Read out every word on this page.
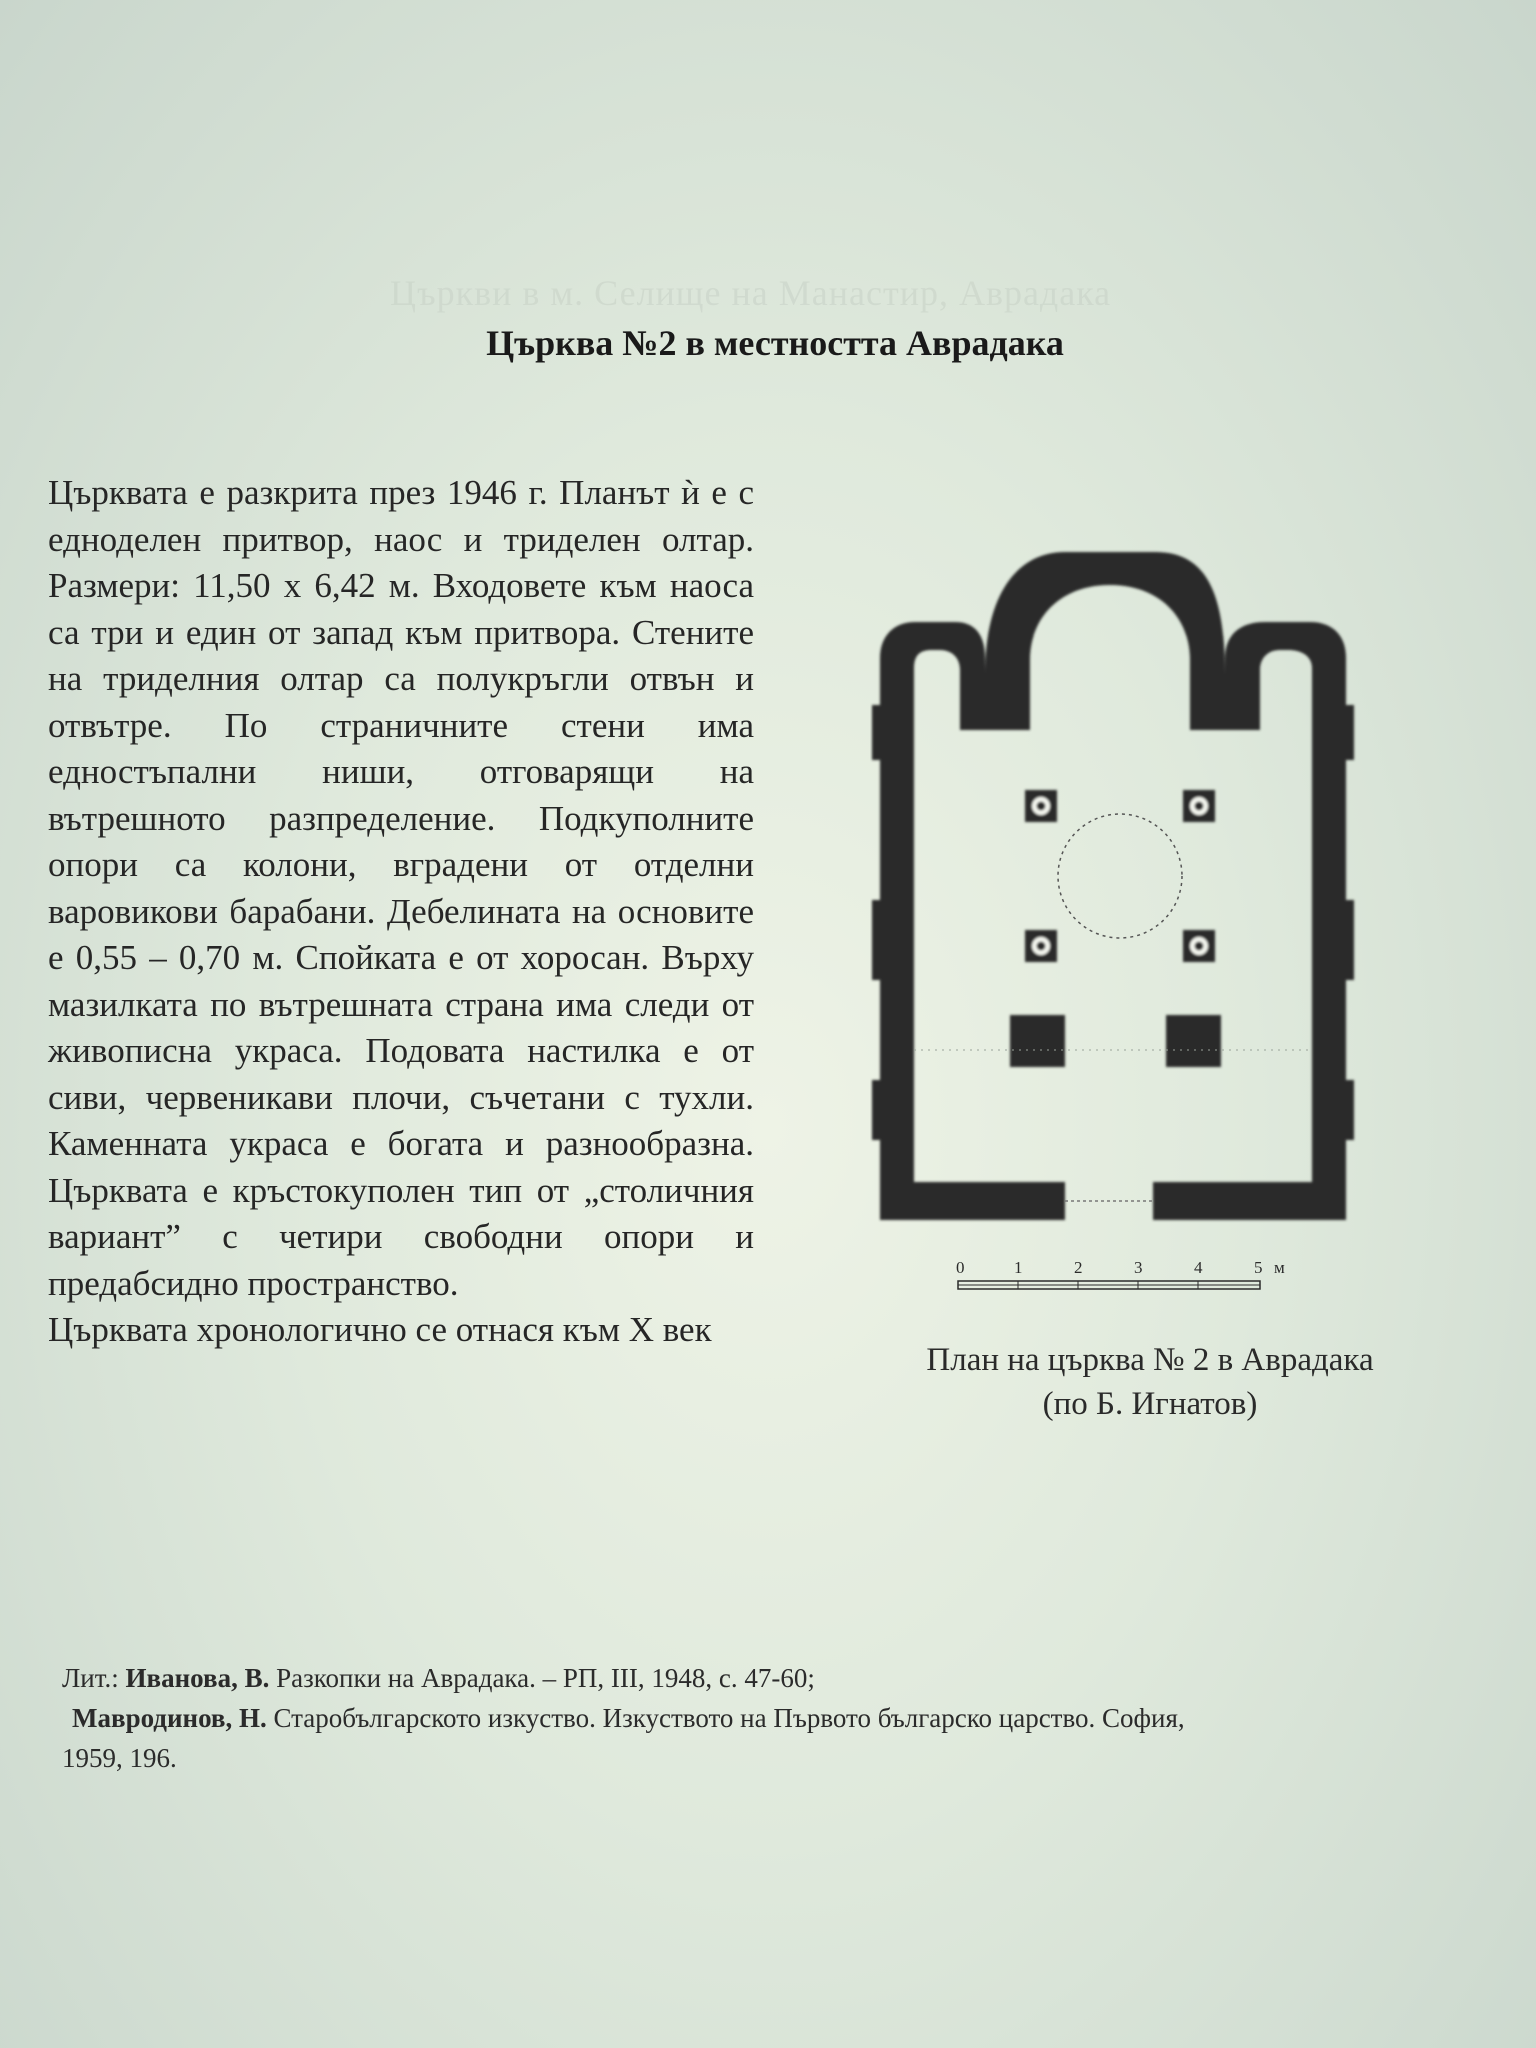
Църкви в м. Селище на Манастир, Аврадака
Църква №2 в местността Аврадака

Църквата е разкрита през 1946 г. Планът ѝ е с едноделен притвор, наос и триделен олтар. Размери: 11,50 х 6,42 м. Входовете към наоса са три и един от запад към притвора. Стените на триделния олтар са полукръгли отвън и отвътре. По страничните стени има едностъпални ниши, отговарящи на вътрешното разпределение. Подкуполните опори са колони, вградени от отделни варовикови барабани. Дебелината на основите е 0,55 – 0,70 м. Спойката е от хоросан. Върху мазилката по вътрешната страна има следи от живописна украса. Подовата настилка е от сиви, червеникави плочи, съчетани с тухли. Каменната украса е богата и разнообразна. Църквата е кръстокуполен тип от „столичния вариант” с четири свободни опори и предабсидно пространство.

Църквата хронологично се отнася към X век

0	1	2	3	4	5 м
План на църква № 2 в Аврадака
(по Б. Игнатов)
Лит.: Иванова, В. Разкопки на Аврадака. – РП, III, 1948, с. 47-60;
Мавродинов, Н. Старобългарското изкуство. Изкуството на Първото българско царство. София,
1959, 196.
